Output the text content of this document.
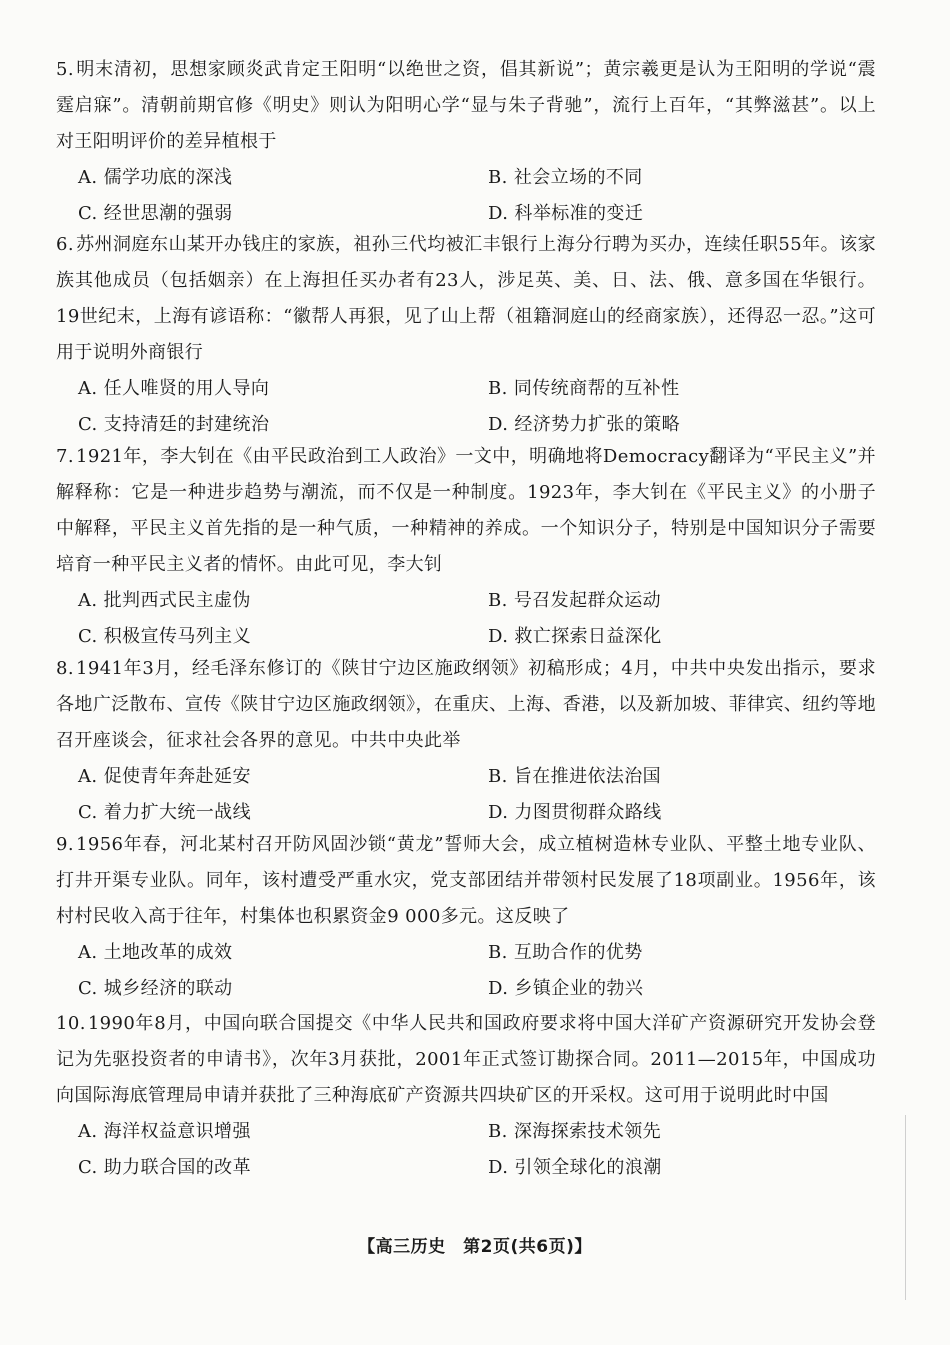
5. 明末清初，思想家顾炎武肯定王阳明“以绝世之资，倡其新说”；黄宗羲更是认为王阳明的学说“震霆启寐”。清朝前期官修《明史》则认为阳明心学“显与朱子背驰”，流行上百年，“其弊滋甚”。以上对王阳明评价的差异植根于

A. 儒学功底的深浅	B. 社会立场的不同
C. 经世思潮的强弱	D. 科举标准的变迁

6. 苏州洞庭东山某开办钱庄的家族，祖孙三代均被汇丰银行上海分行聘为买办，连续任职55年。该家族其他成员（包括姻亲）在上海担任买办者有23人，涉足英、美、日、法、俄、意多国在华银行。19世纪末，上海有谚语称：“徽帮人再狠，见了山上帮（祖籍洞庭山的经商家族），还得忍一忍。”这可用于说明外商银行

A. 任人唯贤的用人导向	B. 同传统商帮的互补性
C. 支持清廷的封建统治	D. 经济势力扩张的策略

7. 1921年，李大钊在《由平民政治到工人政治》一文中，明确地将Democracy翻译为“平民主义”并解释称：它是一种进步趋势与潮流，而不仅是一种制度。1923年，李大钊在《平民主义》的小册子中解释，平民主义首先指的是一种气质，一种精神的养成。一个知识分子，特别是中国知识分子需要培育一种平民主义者的情怀。由此可见，李大钊

A. 批判西式民主虚伪	B. 号召发起群众运动
C. 积极宣传马列主义	D. 救亡探索日益深化

8. 1941年3月，经毛泽东修订的《陕甘宁边区施政纲领》初稿形成；4月，中共中央发出指示，要求各地广泛散布、宣传《陕甘宁边区施政纲领》，在重庆、上海、香港，以及新加坡、菲律宾、纽约等地召开座谈会，征求社会各界的意见。中共中央此举

A. 促使青年奔赴延安	B. 旨在推进依法治国
C. 着力扩大统一战线	D. 力图贯彻群众路线

9. 1956年春，河北某村召开防风固沙锁“黄龙”誓师大会，成立植树造林专业队、平整土地专业队、打井开渠专业队。同年，该村遭受严重水灾，党支部团结并带领村民发展了18项副业。1956年，该村村民收入高于往年，村集体也积累资金9 000多元。这反映了

A. 土地改革的成效	B. 互助合作的优势
C. 城乡经济的联动	D. 乡镇企业的勃兴

10. 1990年8月，中国向联合国提交《中华人民共和国政府要求将中国大洋矿产资源研究开发协会登记为先驱投资者的申请书》，次年3月获批，2001年正式签订勘探合同。2011—2015年，中国成功向国际海底管理局申请并获批了三种海底矿产资源共四块矿区的开采权。这可用于说明此时中国

A. 海洋权益意识增强	B. 深海探索技术领先
C. 助力联合国的改革	D. 引领全球化的浪潮
【高三历史　第2页(共6页)】
